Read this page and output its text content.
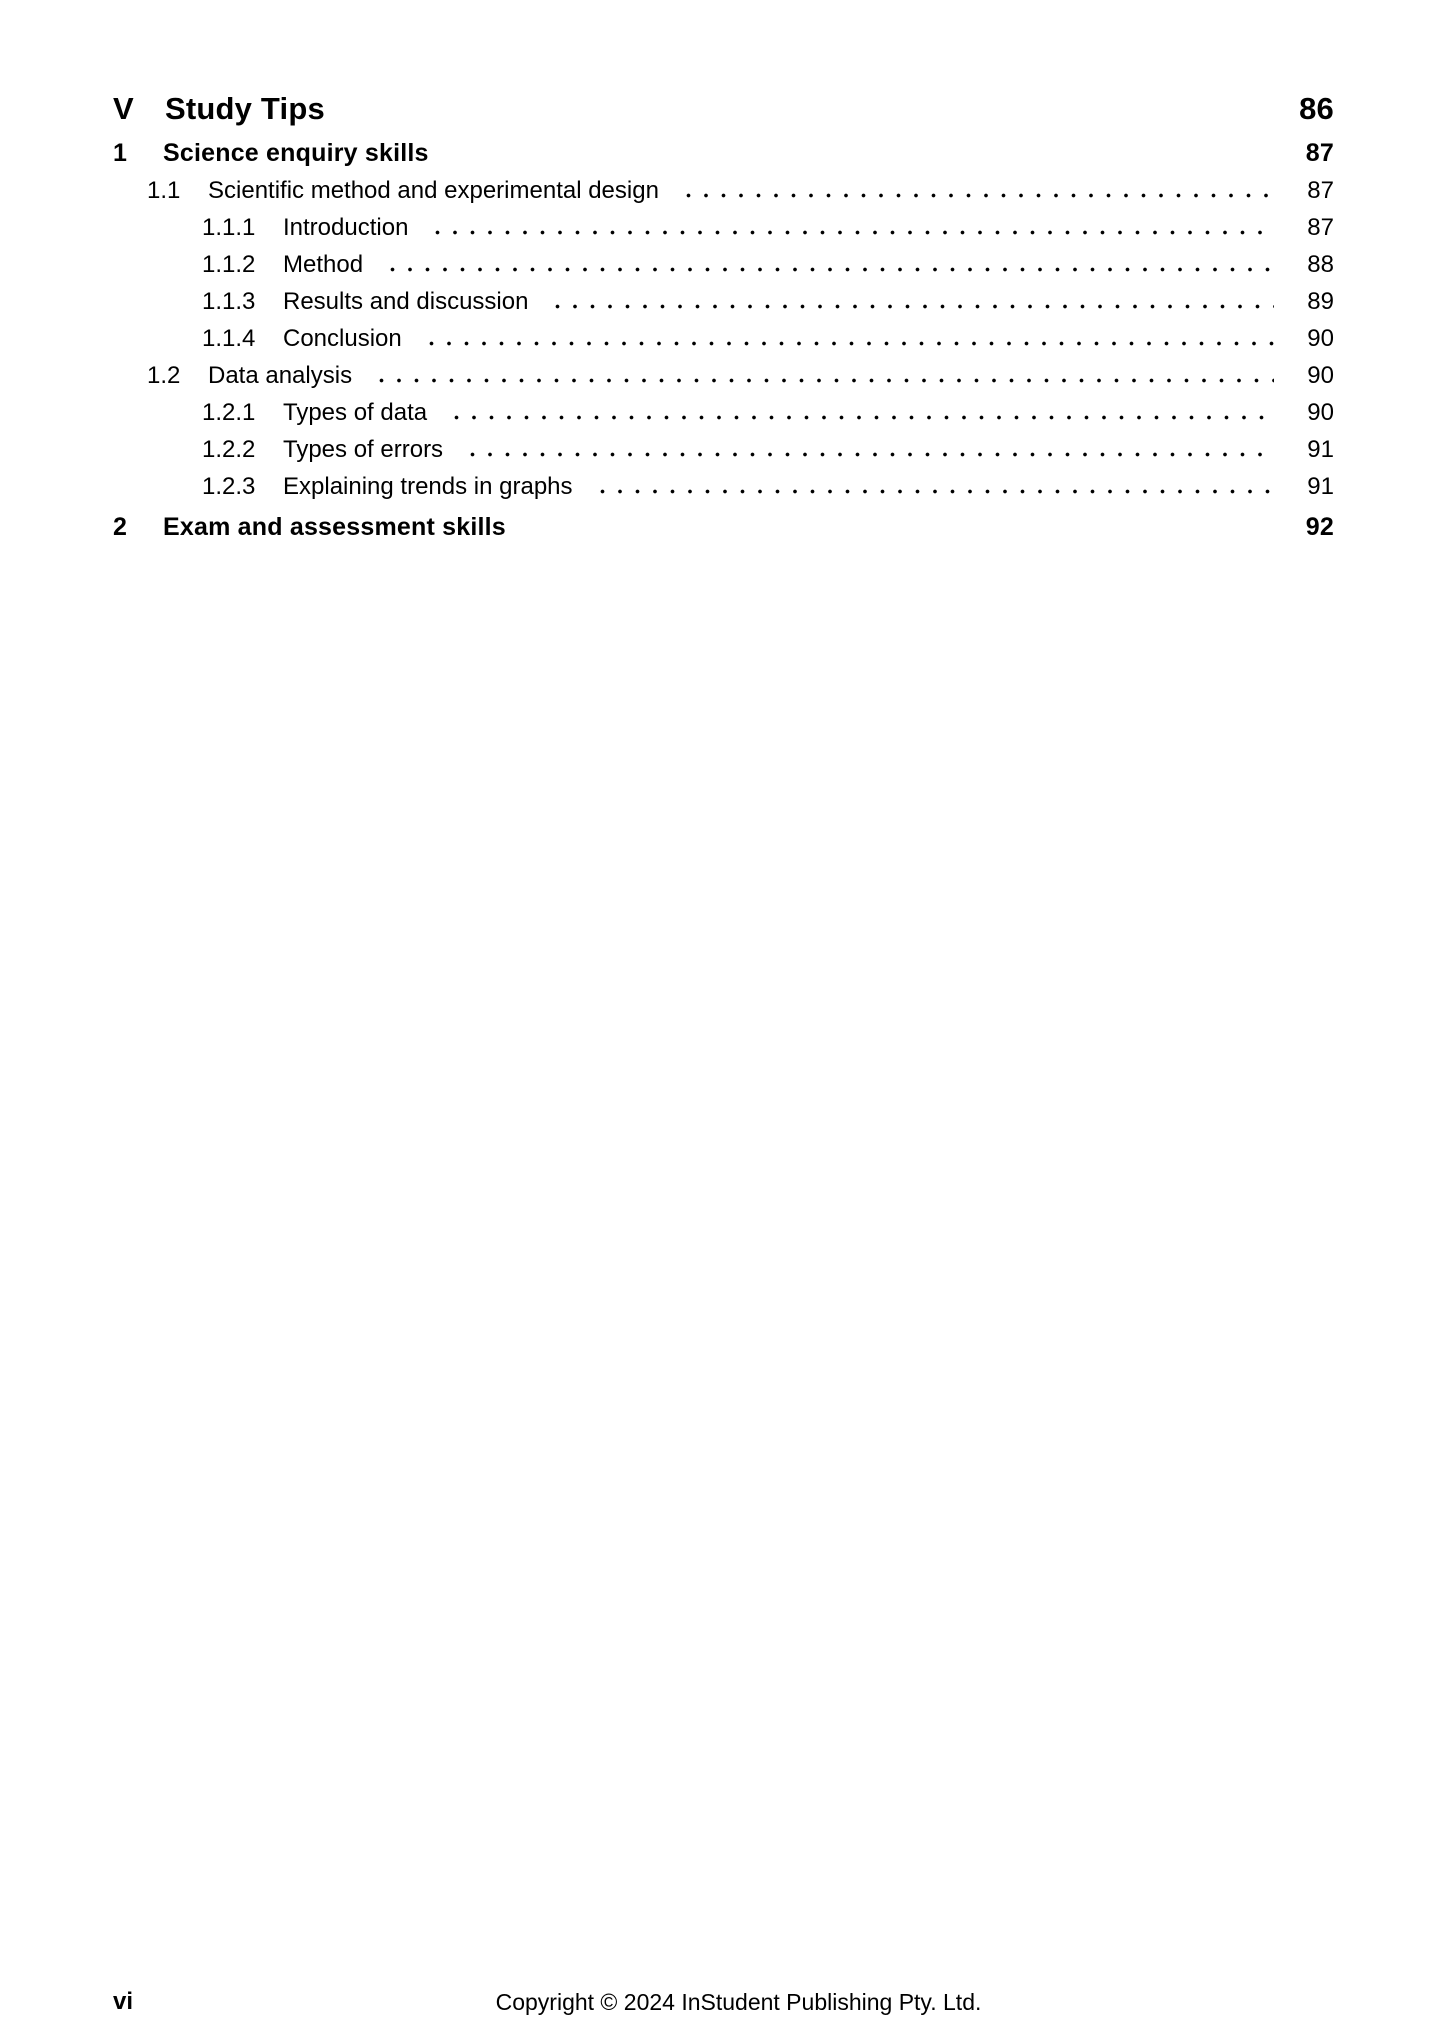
V	Study Tips	86
1	Science enquiry skills	87
1.1	Scientific method and experimental design	87
1.1.1	Introduction	87
1.1.2	Method	88
1.1.3	Results and discussion	89
1.1.4	Conclusion	90
1.2	Data analysis	90
1.2.1	Types of data	90
1.2.2	Types of errors	91
1.2.3	Explaining trends in graphs	91
2	Exam and assessment skills	92
vi	Copyright © 2024 InStudent Publishing Pty. Ltd.
